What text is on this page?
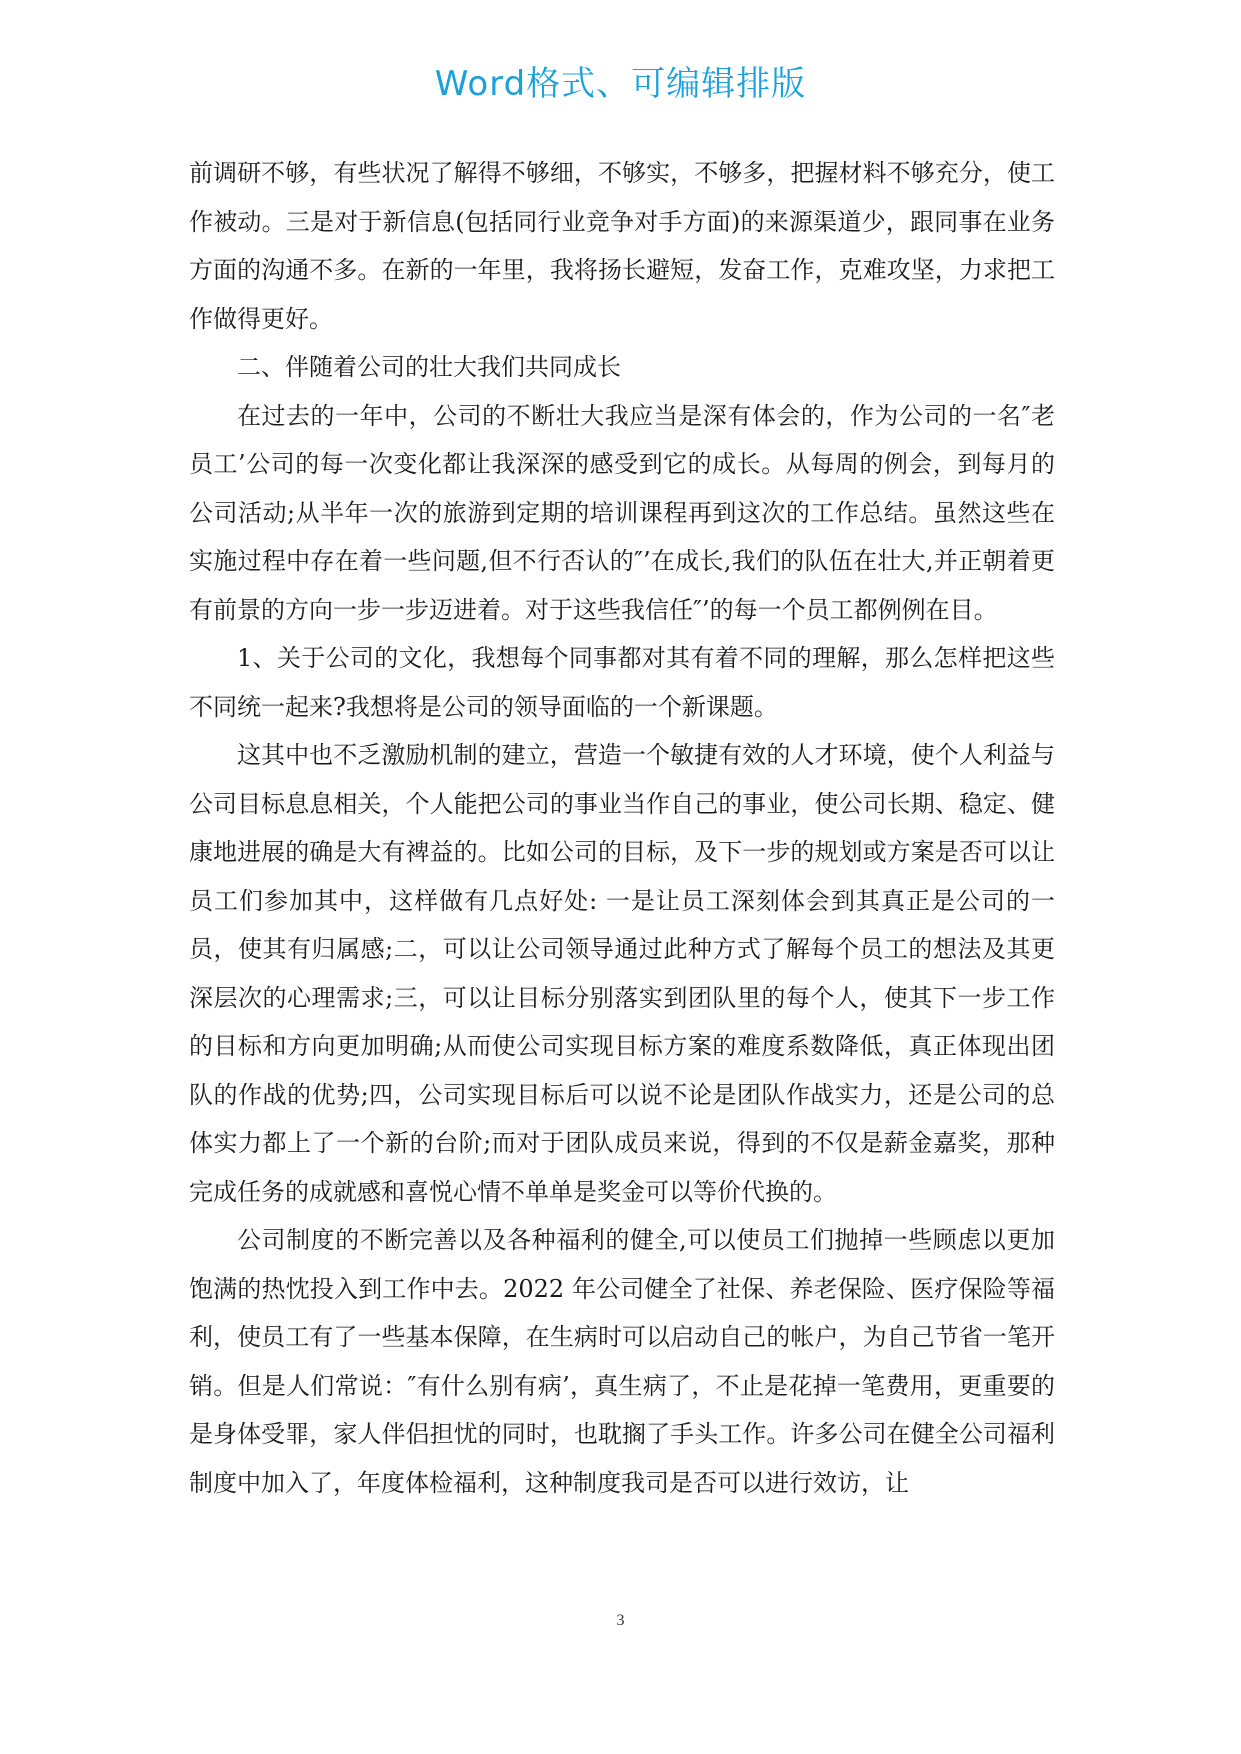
Word格式、可编辑排版

前调研不够，有些状况了解得不够细，不够实，不够多，把握材料不够充分，使工作被动。三是对于新信息(包括同行业竞争对手方面)的来源渠道少，跟同事在业务方面的沟通不多。在新的一年里，我将扬长避短，发奋工作，克难攻坚，力求把工作做得更好。

二、伴随着公司的壮大我们共同成长

在过去的一年中，公司的不断壮大我应当是深有体会的，作为公司的一名″老员工’公司的每一次变化都让我深深的感受到它的成长。从每周的例会，到每月的公司活动;从半年一次的旅游到定期的培训课程再到这次的工作总结。虽然这些在实施过程中存在着一些问题,但不行否认的″’在成长,我们的队伍在壮大,并正朝着更有前景的方向一步一步迈进着。对于这些我信任″’的每一个员工都例例在目。

1、关于公司的文化，我想每个同事都对其有着不同的理解，那么怎样把这些不同统一起来?我想将是公司的领导面临的一个新课题。

这其中也不乏激励机制的建立，营造一个敏捷有效的人才环境，使个人利益与公司目标息息相关，个人能把公司的事业当作自己的事业，使公司长期、稳定、健康地进展的确是大有裨益的。比如公司的目标，及下一步的规划或方案是否可以让员工们参加其中，这样做有几点好处: 一是让员工深刻体会到其真正是公司的一员，使其有归属感;二，可以让公司领导通过此种方式了解每个员工的想法及其更深层次的心理需求;三，可以让目标分别落实到团队里的每个人，使其下一步工作的目标和方向更加明确;从而使公司实现目标方案的难度系数降低，真正体现出团队的作战的优势;四，公司实现目标后可以说不论是团队作战实力，还是公司的总体实力都上了一个新的台阶;而对于团队成员来说，得到的不仅是薪金嘉奖，那种完成任务的成就感和喜悦心情不单单是奖金可以等价代换的。

公司制度的不断完善以及各种福利的健全,可以使员工们抛掉一些顾虑以更加饱满的热忱投入到工作中去。2022 年公司健全了社保、养老保险、医疗保险等福利，使员工有了一些基本保障，在生病时可以启动自己的帐户，为自己节省一笔开销。但是人们常说：″有什么别有病’，真生病了，不止是花掉一笔费用，更重要的是身体受罪，家人伴侣担忧的同时，也耽搁了手头工作。许多公司在健全公司福利制度中加入了，年度体检福利，这种制度我司是否可以进行效访，让

3
